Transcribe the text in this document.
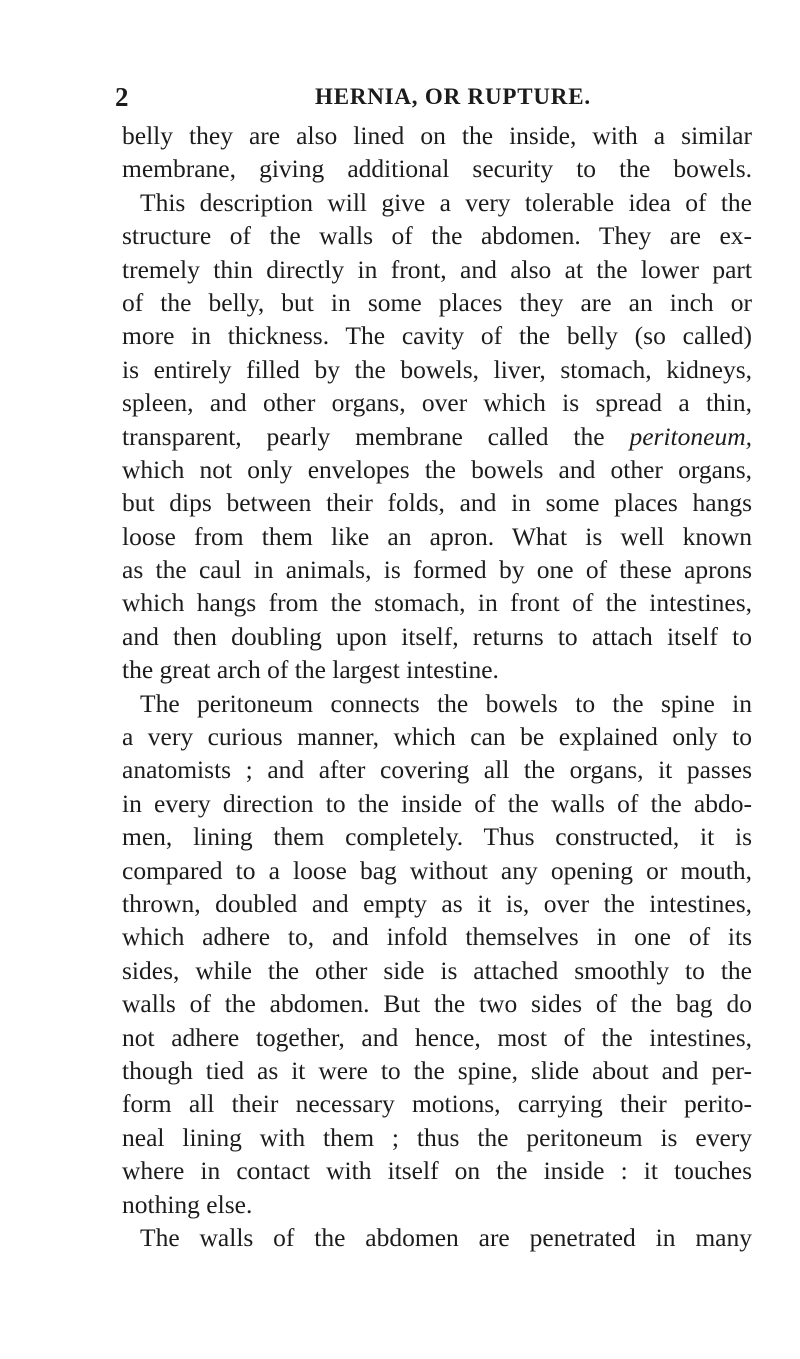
2	HERNIA, OR RUPTURE.
belly they are also lined on the inside, with a similar
membrane, giving additional security to the bowels.
This description will give a very tolerable idea of the
structure of the walls of the abdomen. They are ex-
tremely thin directly in front, and also at the lower part
of the belly, but in some places they are an inch or
more in thickness. The cavity of the belly (so called)
is entirely filled by the bowels, liver, stomach, kidneys,
spleen, and other organs, over which is spread a thin,
transparent, pearly membrane called the peritoneum,
which not only envelopes the bowels and other organs,
but dips between their folds, and in some places hangs
loose from them like an apron. What is well known
as the caul in animals, is formed by one of these aprons
which hangs from the stomach, in front of the intestines,
and then doubling upon itself, returns to attach itself to
the great arch of the largest intestine.
The peritoneum connects the bowels to the spine in
a very curious manner, which can be explained only to
anatomists ; and after covering all the organs, it passes
in every direction to the inside of the walls of the abdo-
men, lining them completely. Thus constructed, it is
compared to a loose bag without any opening or mouth,
thrown, doubled and empty as it is, over the intestines,
which adhere to, and infold themselves in one of its
sides, while the other side is attached smoothly to the
walls of the abdomen. But the two sides of the bag do
not adhere together, and hence, most of the intestines,
though tied as it were to the spine, slide about and per-
form all their necessary motions, carrying their perito-
neal lining with them ; thus the peritoneum is every
where in contact with itself on the inside : it touches
nothing else.
The walls of the abdomen are penetrated in many
